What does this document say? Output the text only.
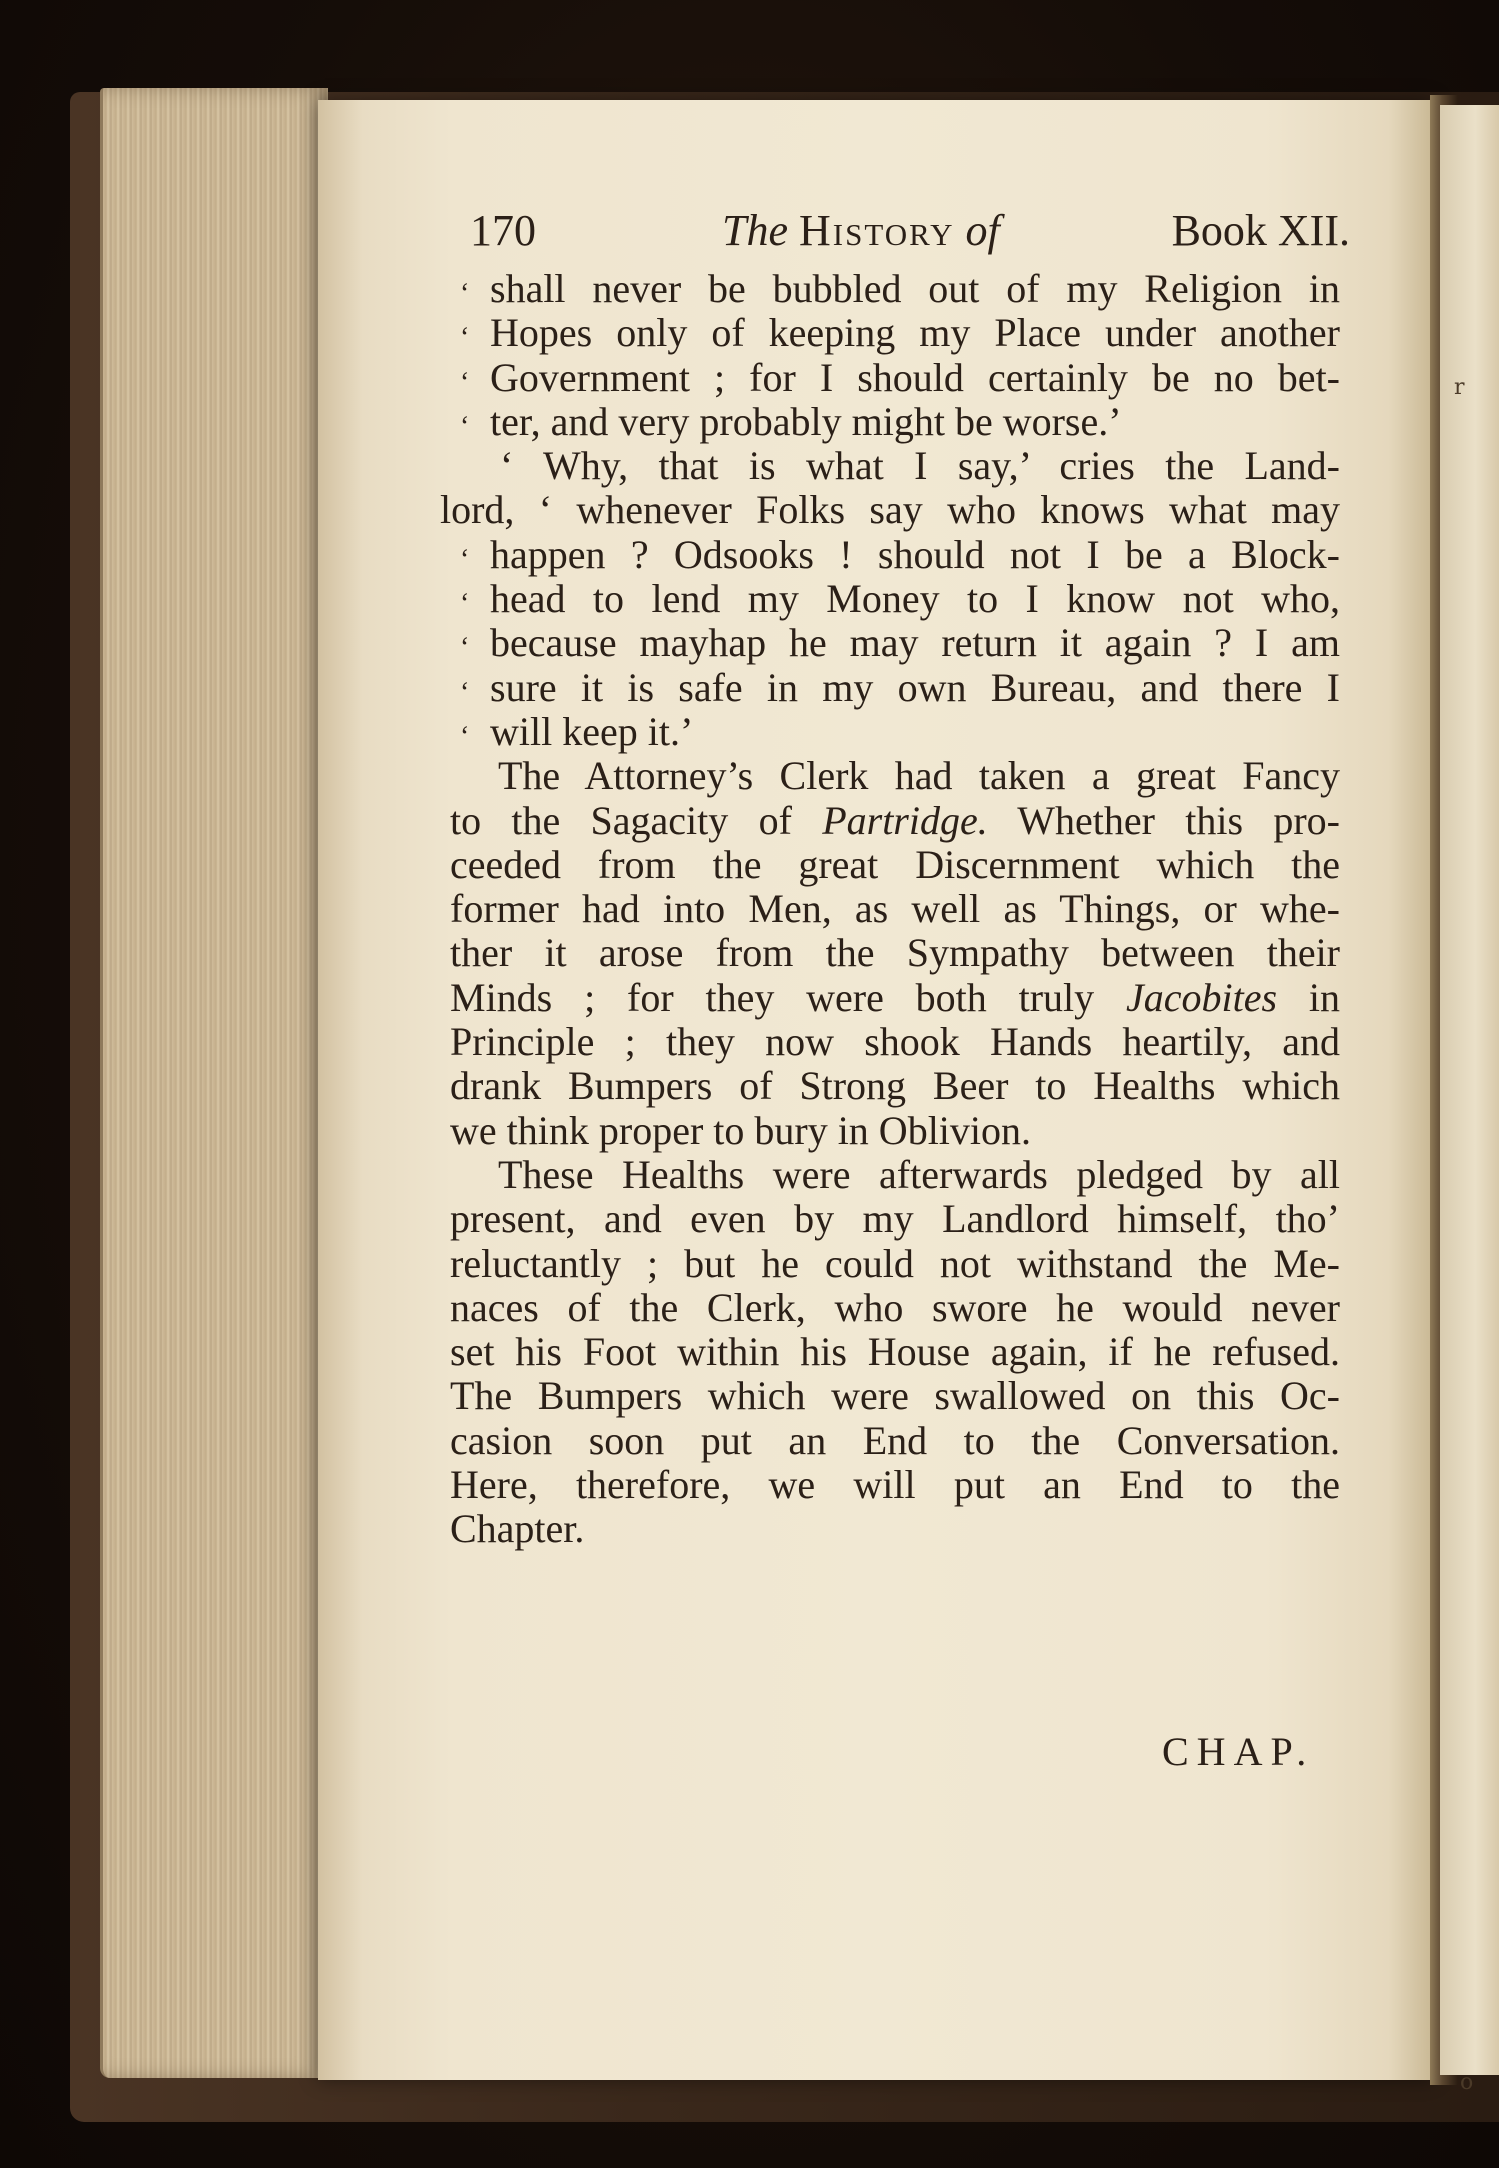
r
o
170	The History of	Book XII.
‘ shall never be bubbled out of my Religion in
‘ Hopes only of keeping my Place under another
‘ Government ; for I should certainly be no bet-
‘ ter, and very probably might be worse.’
‘ Why, that is what I say,’ cries the Land-
lord, ‘ whenever Folks say who knows what may
‘ happen ? Odsooks ! should not I be a Block-
‘ head to lend my Money to I know not who,
‘ because mayhap he may return it again ? I am
‘ sure it is safe in my own Bureau, and there I
‘ will keep it.’
The Attorney’s Clerk had taken a great Fancy
to the Sagacity of Partridge. Whether this pro-
ceeded from the great Discernment which the
former had into Men, as well as Things, or whe-
ther it arose from the Sympathy between their
Minds ; for they were both truly Jacobites in
Principle ; they now shook Hands heartily, and
drank Bumpers of Strong Beer to Healths which
we think proper to bury in Oblivion.
These Healths were afterwards pledged by all
present, and even by my Landlord himself, tho’
reluctantly ; but he could not withstand the Me-
naces of the Clerk, who swore he would never
set his Foot within his House again, if he refused.
The Bumpers which were swallowed on this Oc-
casion soon put an End to the Conversation.
Here, therefore, we will put an End to the
Chapter.
CHAP.
